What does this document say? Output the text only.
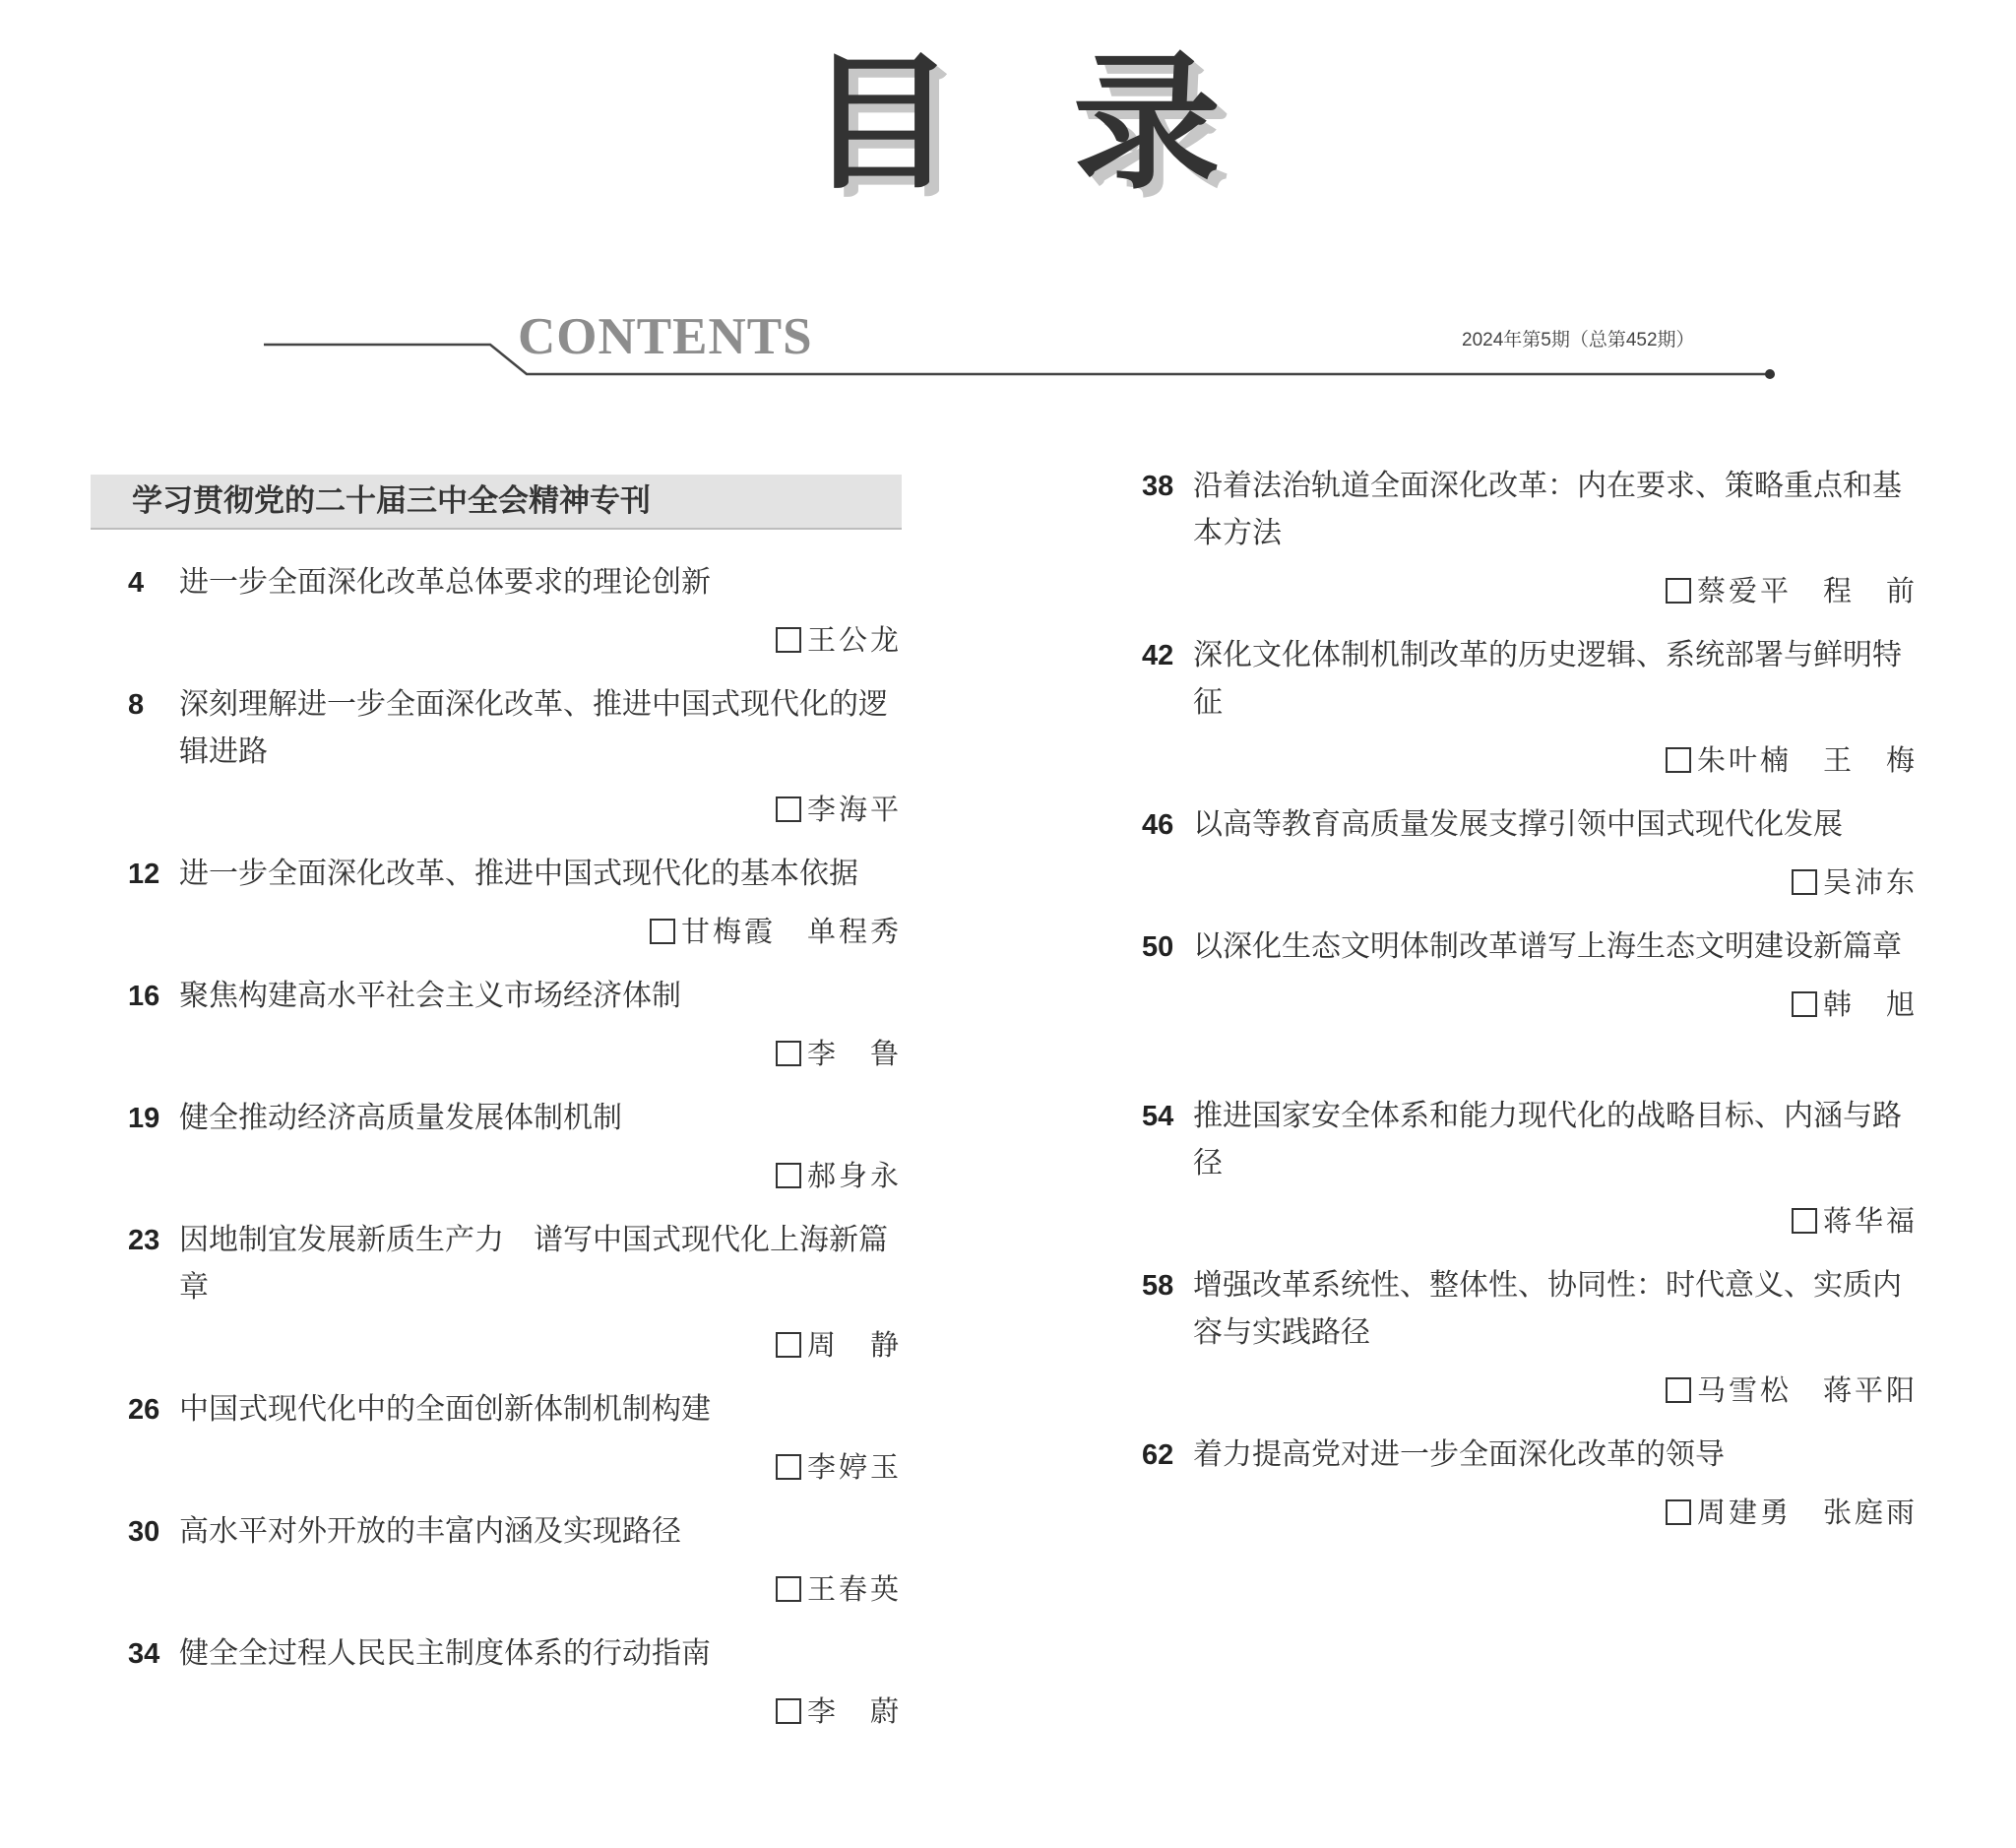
目 录
CONTENTS	2024年第5期（总第452期）
学习贯彻党的二十届三中全会精神专刊
4	进一步全面深化改革总体要求的理论创新
王公龙
8	深刻理解进一步全面深化改革、推进中国式现代化的逻辑进路
李海平
12 进一步全面深化改革、推进中国式现代化的基本依据
甘梅霞　单程秀
16 聚焦构建高水平社会主义市场经济体制
李　鲁
19 健全推动经济高质量发展体制机制
郝身永
23 因地制宜发展新质生产力　谱写中国式现代化上海新篇章
周　静
26 中国式现代化中的全面创新体制机制构建
李婷玉
30 高水平对外开放的丰富内涵及实现路径
王春英
34 健全全过程人民民主制度体系的行动指南
李　蔚
38 沿着法治轨道全面深化改革：内在要求、策略重点和基本方法
蔡爱平　程　前
42 深化文化体制机制改革的历史逻辑、系统部署与鲜明特征
朱叶楠　王　梅
46 以高等教育高质量发展支撑引领中国式现代化发展
吴沛东
50 以深化生态文明体制改革谱写上海生态文明建设新篇章
韩　旭
54 推进国家安全体系和能力现代化的战略目标、内涵与路径
蒋华福
58 增强改革系统性、整体性、协同性：时代意义、实质内容与实践路径
马雪松　蒋平阳
62 着力提高党对进一步全面深化改革的领导
周建勇　张庭雨
